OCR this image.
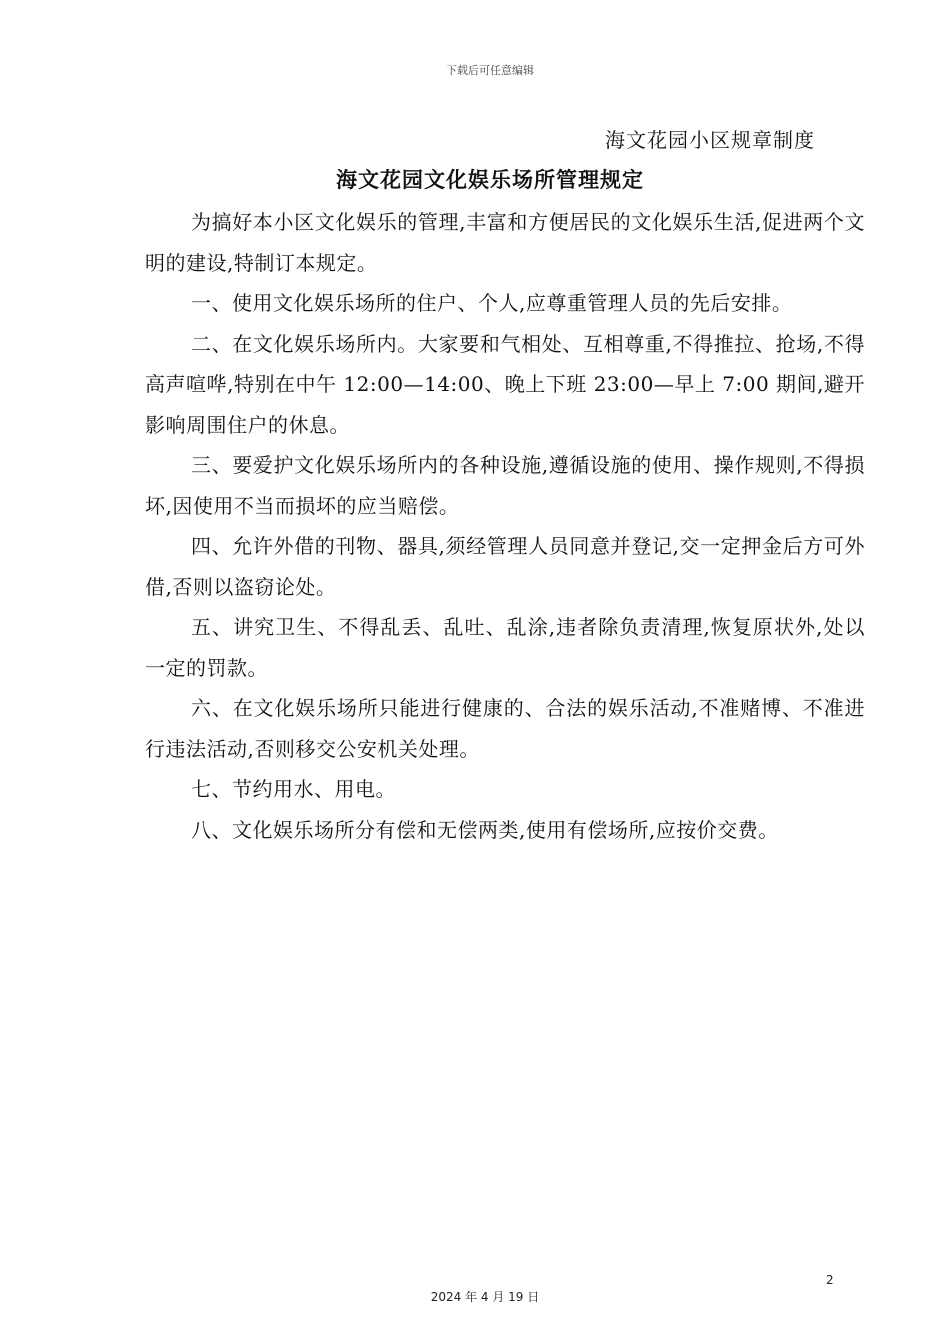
下载后可任意编辑
海文花园小区规章制度
海文花园文化娱乐场所管理规定

为搞好本小区文化娱乐的管理,丰富和方便居民的文化娱乐生活,促进两个文明的建设,特制订本规定。

一、使用文化娱乐场所的住户、个人,应尊重管理人员的先后安排。

二、在文化娱乐场所内。大家要和气相处、互相尊重,不得推拉、抢场,不得高声喧哗,特别在中午 12:00—14:00、晚上下班 23:00—早上 7:00 期间,避开影响周围住户的休息。

三、要爱护文化娱乐场所内的各种设施,遵循设施的使用、操作规则,不得损坏,因使用不当而损坏的应当赔偿。

四、允许外借的刊物、器具,须经管理人员同意并登记,交一定押金后方可外借,否则以盗窃论处。

五、讲究卫生、不得乱丢、乱吐、乱涂,违者除负责清理,恢复原状外,处以一定的罚款。

六、在文化娱乐场所只能进行健康的、合法的娱乐活动,不准赌博、不准进行违法活动,否则移交公安机关处理。

七、节约用水、用电。

八、文化娱乐场所分有偿和无偿两类,使用有偿场所,应按价交费。

2
2024 年 4 月 19 日
